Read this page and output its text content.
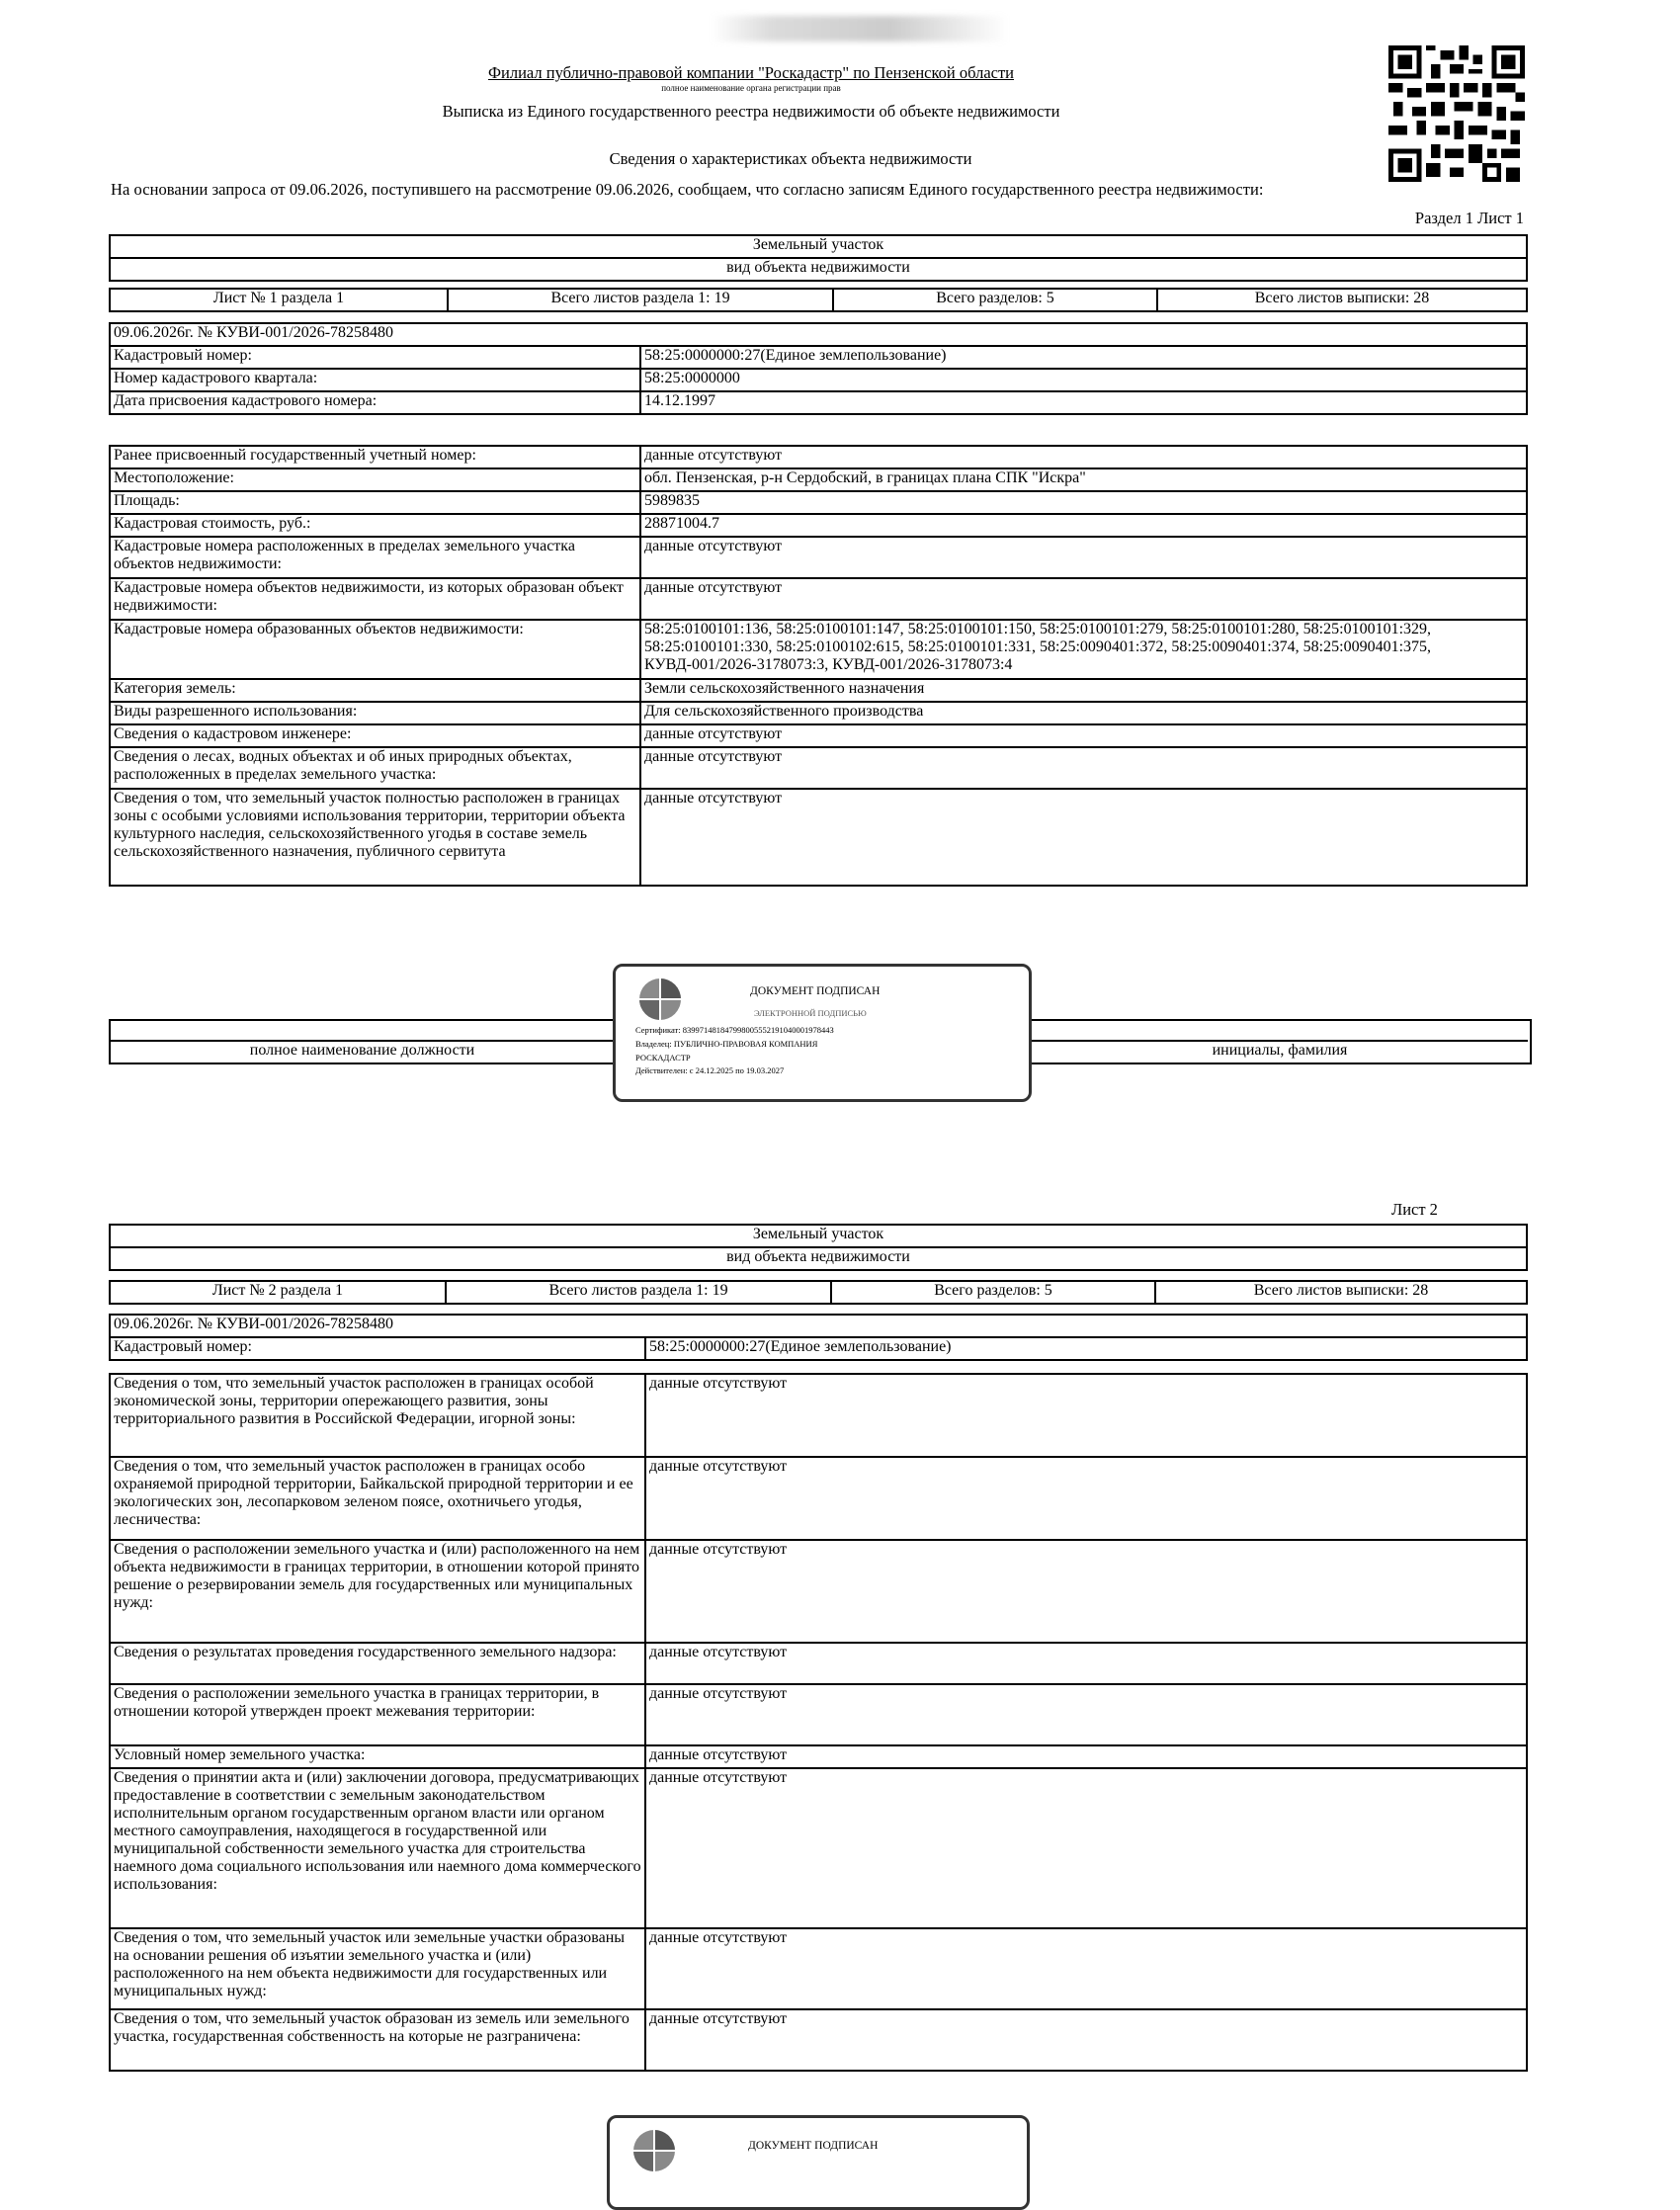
Филиал публично-правовой компании "Роскадастр" по Пензенской области
полное наименование органа регистрации прав
Выписка из Единого государственного реестра недвижимости об объекте недвижимости
Сведения о характеристиках объекта недвижимости
На основании запроса от 09.06.2026, поступившего на рассмотрение 09.06.2026, сообщаем, что согласно записям Единого государственного реестра недвижимости:
Раздел 1 Лист 1
Земельный участок
вид объекта недвижимости
Лист № 1 раздела 1	Всего листов раздела 1: 19	Всего разделов: 5	Всего листов выписки: 28
09.06.2026г. № КУВИ-001/2026-78258480	
Кадастровый номер:	58:25:0000000:27(Единое землепользование)
Номер кадастрового квартала:	58:25:0000000
Дата присвоения кадастрового номера:	14.12.1997
Ранее присвоенный государственный учетный номер:	данные отсутствуют
Местоположение:	обл. Пензенская, р-н Сердобский, в границах плана СПК "Искра"
Площадь:	5989835
Кадастровая стоимость, руб.:	28871004.7
Кадастровые номера расположенных в пределах земельного участка объектов недвижимости:	данные отсутствуют
Кадастровые номера объектов недвижимости, из которых образован объект недвижимости:	данные отсутствуют
Кадастровые номера образованных объектов недвижимости:	58:25:0100101:136, 58:25:0100101:147, 58:25:0100101:150, 58:25:0100101:279, 58:25:0100101:280, 58:25:0100101:329, 58:25:0100101:330, 58:25:0100102:615, 58:25:0100101:331, 58:25:0090401:372, 58:25:0090401:374, 58:25:0090401:375, КУВД-001/2026-3178073:3, КУВД-001/2026-3178073:4
Категория земель:	Земли сельскохозяйственного назначения
Виды разрешенного использования:	Для сельскохозяйственного производства
Сведения о кадастровом инженере:	данные отсутствуют
Сведения о лесах, водных объектах и об иных природных объектах, расположенных в пределах земельного участка:	данные отсутствуют
Сведения о том, что земельный участок полностью расположен в границах зоны с особыми условиями использования территории, территории объекта культурного наследия, сельскохозяйственного угодья в составе земель сельскохозяйственного назначения, публичного сервитута	данные отсутствуют
полное наименование должности	инициалы, фамилия
ДОКУМЕНТ ПОДПИСАН
ЭЛЕКТРОННОЙ ПОДПИСЬЮ
Сертификат: 83997148184799800555219104000197844З
Владелец: ПУБЛИЧНО-ПРАВОВАЯ КОМПАНИЯ
РОСКАДАСТР
Действителен: с 24.12.2025 по 19.03.2027
Лист 2
Земельный участок
вид объекта недвижимости
Лист № 2 раздела 1	Всего листов раздела 1: 19	Всего разделов: 5	Всего листов выписки: 28
09.06.2026г. № КУВИ-001/2026-78258480
Кадастровый номер:	58:25:0000000:27(Единое землепользование)
Сведения о том, что земельный участок расположен в границах особой экономической зоны, территории опережающего развития, зоны территориального развития в Российской Федерации, игорной зоны:	данные отсутствуют
Сведения о том, что земельный участок расположен в границах особо охраняемой природной территории, Байкальской природной территории и ее экологических зон, лесопарковом зеленом поясе, охотничьего угодья, лесничества:	данные отсутствуют
Сведения о расположении земельного участка и (или) расположенного на нем объекта недвижимости в границах территории, в отношении которой принято решение о резервировании земель для государственных или муниципальных нужд:	данные отсутствуют
Сведения о результатах проведения государственного земельного надзора:	данные отсутствуют
Сведения о расположении земельного участка в границах территории, в отношении которой утвержден проект межевания территории:	данные отсутствуют
Условный номер земельного участка:	данные отсутствуют
Сведения о принятии акта и (или) заключении договора, предусматривающих предоставление в соответствии с земельным законодательством исполнительным органом государственным органом власти или органом местного самоуправления, находящегося в государственной или муниципальной собственности земельного участка для строительства наемного дома социального использования или наемного дома коммерческого использования:	данные отсутствуют
Сведения о том, что земельный участок или земельные участки образованы на основании решения об изъятии земельного участка и (или) расположенного на нем объекта недвижимости для государственных или муниципальных нужд:	данные отсутствуют
Сведения о том, что земельный участок образован из земель или земельного участка, государственная собственность на которые не разграничена:	данные отсутствуют
ДОКУМЕНТ ПОДПИСАН
